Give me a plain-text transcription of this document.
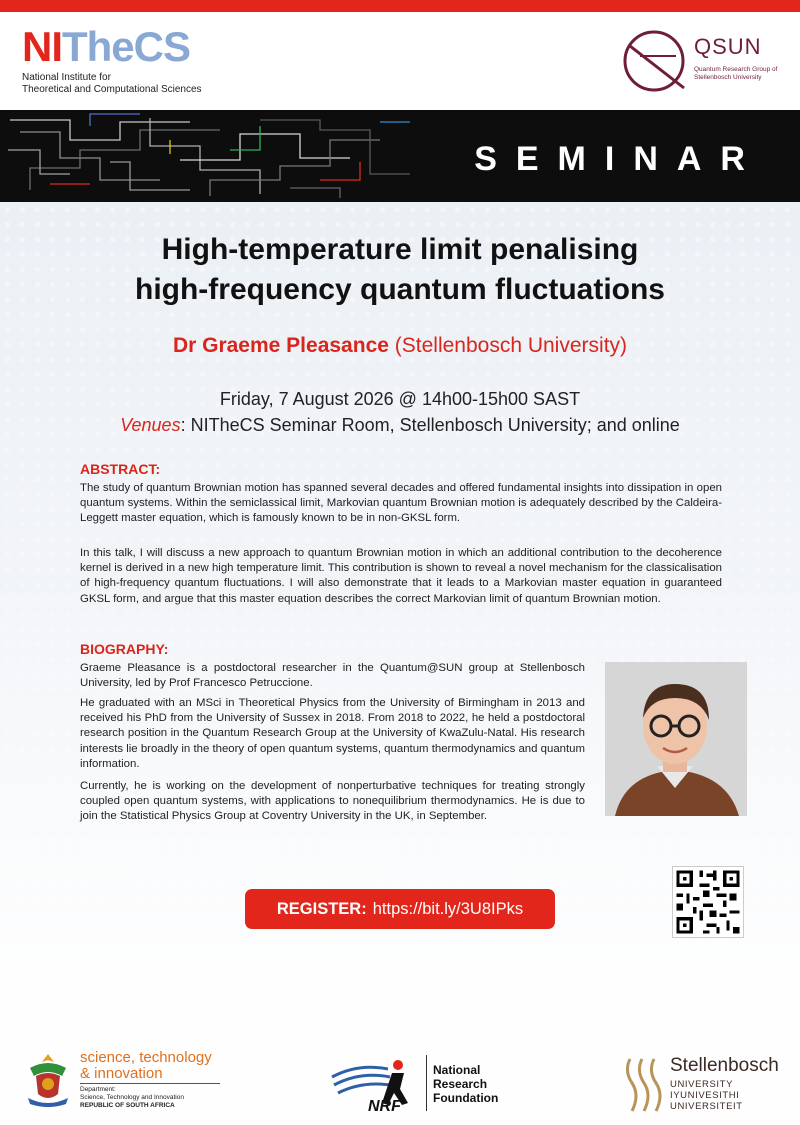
NITheCS
National Institute for
Theoretical and Computational Sciences
QSUN
Quantum Research Group of Stellenbosch University
SEMINAR
High-temperature limit penalising
high-frequency quantum fluctuations
Dr Graeme Pleasance (Stellenbosch University)
Friday, 7 August 2026 @ 14h00-15h00 SAST
Venues: NITheCS Seminar Room, Stellenbosch University; and online
ABSTRACT:
The study of quantum Brownian motion has spanned several decades and offered fundamental insights into dissipation in open quantum systems. Within the semiclassical limit, Markovian quantum Brownian motion is adequately described by the Caldeira-Leggett master equation, which is famously known to be in non-GKSL form.
In this talk, I will discuss a new approach to quantum Brownian motion in which an additional contribution to the decoherence kernel is derived in a new high temperature limit. This contribution is shown to reveal a novel mechanism for the classicalisation of high-frequency quantum fluctuations. I will also demonstrate that it leads to a Markovian master equation in guaranteed GKSL form, and argue that this master equation describes the correct Markovian limit of quantum Brownian motion.
BIOGRAPHY:
Graeme Pleasance is a postdoctoral researcher in the Quantum@SUN group at Stellenbosch University, led by Prof Francesco Petruccione.
He graduated with an MSci in Theoretical Physics from the University of Birmingham in 2013 and received his PhD from the University of Sussex in 2018. From 2018 to 2022, he held a postdoctoral research position in the Quantum Research Group at the University of KwaZulu-Natal. His research interests lie broadly in the theory of open quantum systems, quantum thermodynamics and quantum information.
Currently, he is working on the development of nonperturbative techniques for treating strongly coupled open quantum systems, with applications to nonequilibrium thermodynamics. He is due to join the Statistical Physics Group at Coventry University in the UK, in September.
REGISTER: https://bit.ly/3U8IPks
science, technology
& innovation
Department:
Science, Technology and Innovation
REPUBLIC OF SOUTH AFRICA	NRF
National
Research
Foundation
Stellenbosch
UNIVERSITY
IYUNIVESITHI
UNIVERSITEIT
